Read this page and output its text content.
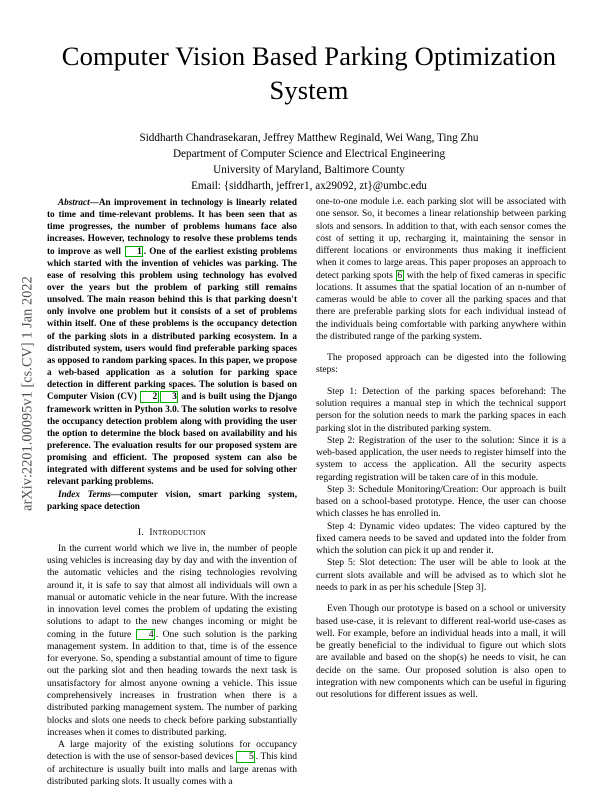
arXiv:2201.00095v1 [cs.CV] 1 Jan 2022
Computer Vision Based Parking Optimization System
Siddharth Chandrasekaran, Jeffrey Matthew Reginald, Wei Wang, Ting Zhu
Department of Computer Science and Electrical Engineering
University of Maryland, Baltimore County
Email: {siddharth, jeffrer1, ax29092, zt}@umbc.edu

Abstract—An improvement in technology is linearly related to time and time-relevant problems. It has been seen that as time progresses, the number of problems humans face also increases. However, technology to resolve these problems tends to improve as well 1 . One of the earliest existing problems which started with the invention of vehicles was parking. The ease of resolving this problem using technology has evolved over the years but the problem of parking still remains unsolved. The main reason behind this is that parking doesn't only involve one problem but it consists of a set of problems within itself. One of these problems is the occupancy detection of the parking slots in a distributed parking ecosystem. In a distributed system, users would find preferable parking spaces as opposed to random parking spaces. In this paper, we propose a web-based application as a solution for parking space detection in different parking spaces. The solution is based on Computer Vision (CV) 2 3 and is built using the Django framework written in Python 3.0. The solution works to resolve the occupancy detection problem along with providing the user the option to determine the block based on availability and his preference. The evaluation results for our proposed system are promising and efficient. The proposed system can also be integrated with different systems and be used for solving other relevant parking problems.

Index Terms—computer vision, smart parking system, parking space detection

I. Introduction

In the current world which we live in, the number of people using vehicles is increasing day by day and with the invention of the automatic vehicles and the rising technologies revolving around it, it is safe to say that almost all individuals will own a manual or automatic vehicle in the near future. With the increase in innovation level comes the problem of updating the existing solutions to adapt to the new changes incoming or might be coming in the future 4 . One such solution is the parking management system. In addition to that, time is of the essence for everyone. So, spending a substantial amount of time to figure out the parking slot and then heading towards the next task is unsatisfactory for almost anyone owning a vehicle. This issue comprehensively increases in frustration when there is a distributed parking management system. The number of parking blocks and slots one needs to check before parking substantially increases when it comes to distributed parking.

A large majority of the existing solutions for occupancy detection is with the use of sensor-based devices 5 . This kind of architecture is usually built into malls and large arenas with distributed parking slots. It usually comes with a

one-to-one module i.e. each parking slot will be associated with one sensor. So, it becomes a linear relationship between parking slots and sensors. In addition to that, with each sensor comes the cost of setting it up, recharging it, maintaining the sensor in different locations or environments thus making it inefficient when it comes to large areas. This paper proposes an approach to detect parking spots 6 with the help of fixed cameras in specific locations. It assumes that the spatial location of an n-number of cameras would be able to cover all the parking spaces and that there are preferable parking slots for each individual instead of the individuals being comfortable with parking anywhere within the distributed range of the parking system.

The proposed approach can be digested into the following steps:

Step 1: Detection of the parking spaces beforehand: The solution requires a manual step in which the technical support person for the solution needs to mark the parking spaces in each parking slot in the distributed parking system.

Step 2: Registration of the user to the solution: Since it is a web-based application, the user needs to register himself into the system to access the application. All the security aspects regarding registration will be taken care of in this module.

Step 3: Schedule Monitoring/Creation: Our approach is built based on a school-based prototype. Hence, the user can choose which classes he has enrolled in.

Step 4: Dynamic video updates: The video captured by the fixed camera needs to be saved and updated into the folder from which the solution can pick it up and render it.

Step 5: Slot detection: The user will be able to look at the current slots available and will be advised as to which slot he needs to park in as per his schedule [Step 3].

Even Though our prototype is based on a school or university based use-case, it is relevant to different real-world use-cases as well. For example, before an individual heads into a mall, it will be greatly beneficial to the individual to figure out which slots are available and based on the shop(s) he needs to visit, he can decide on the same. Our proposed solution is also open to integration with new components which can be useful in figuring out resolutions for different issues as well.
